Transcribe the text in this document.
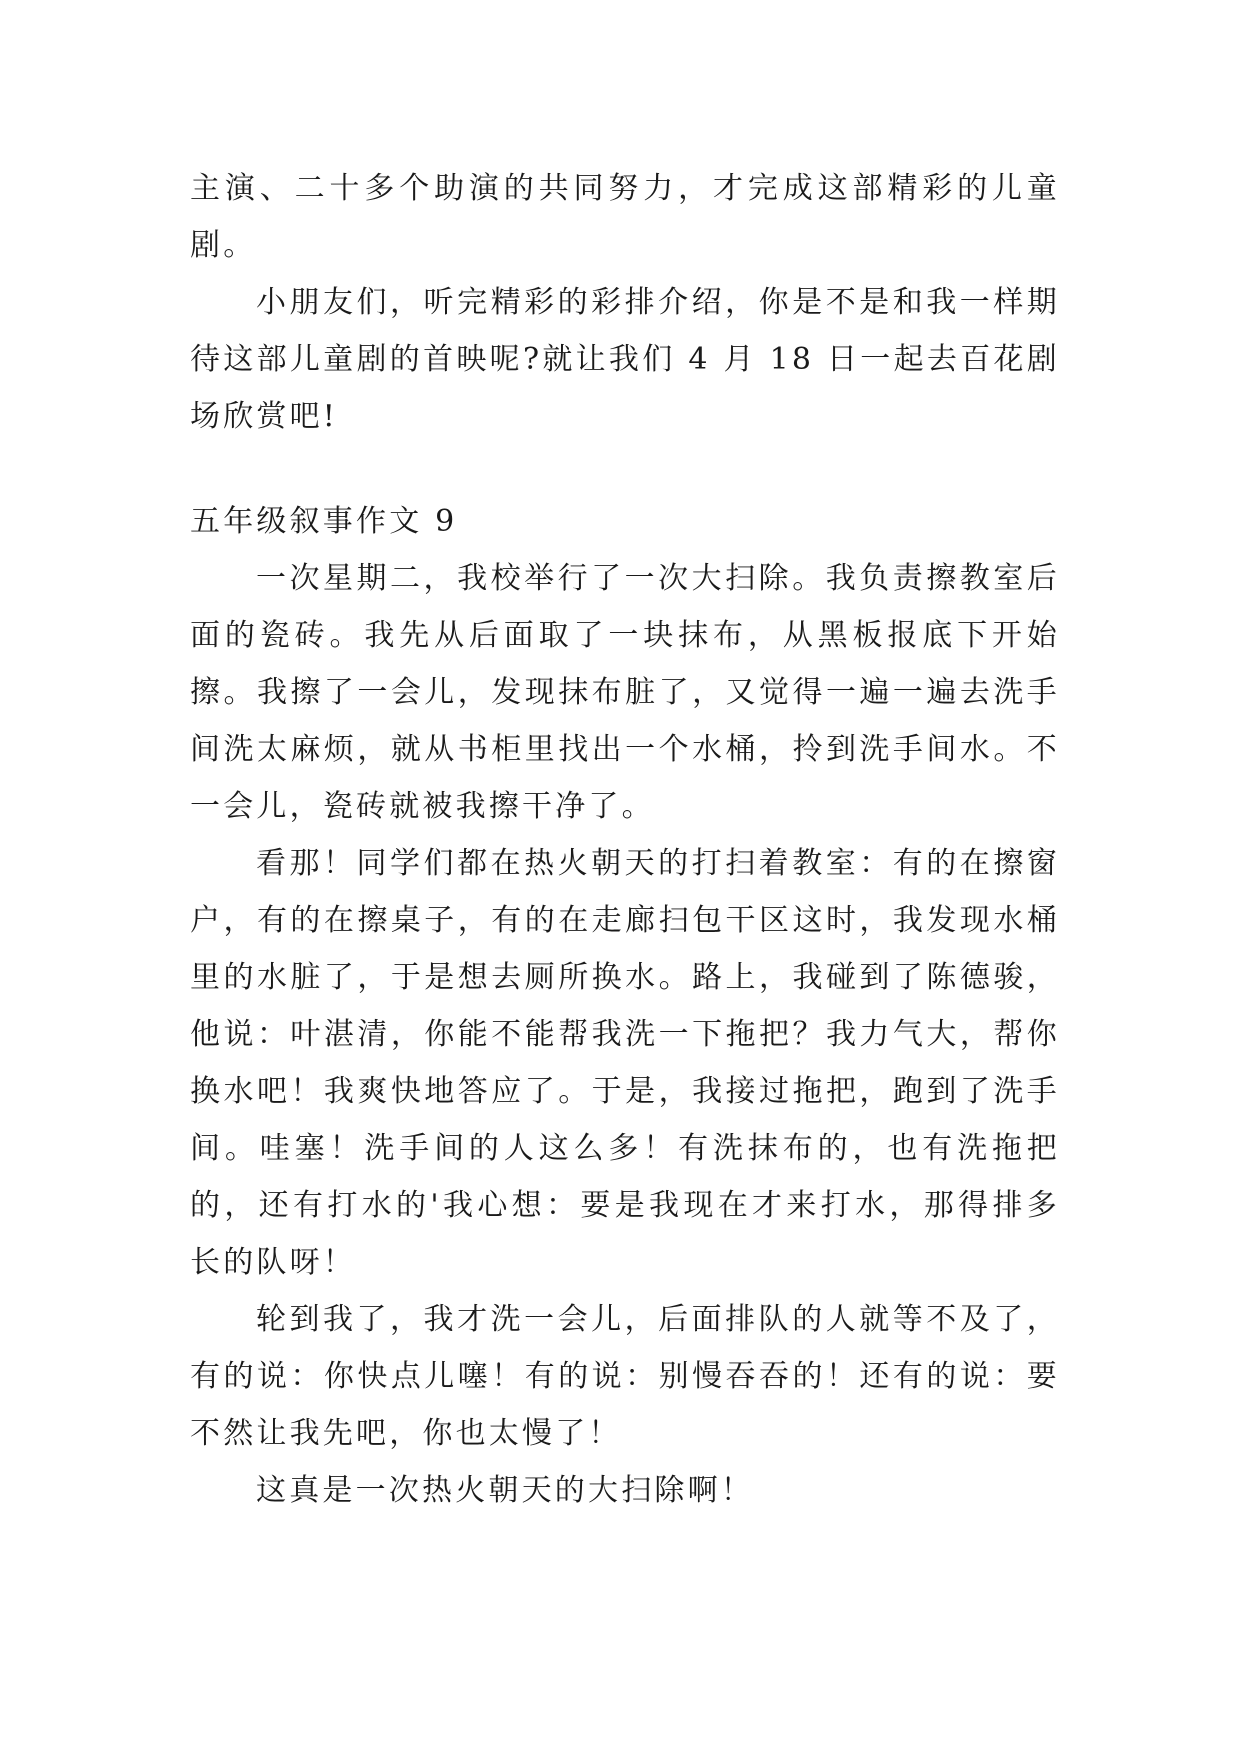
主演、二十多个助演的共同努力，才完成这部精彩的儿童剧。

小朋友们，听完精彩的彩排介绍，你是不是和我一样期待这部儿童剧的首映呢?就让我们 4 月 18 日一起去百花剧场欣赏吧!

五年级叙事作文 9

一次星期二，我校举行了一次大扫除。我负责擦教室后面的瓷砖。我先从后面取了一块抹布，从黑板报底下开始擦。我擦了一会儿，发现抹布脏了，又觉得一遍一遍去洗手间洗太麻烦，就从书柜里找出一个水桶，拎到洗手间水。不一会儿，瓷砖就被我擦干净了。

看那！同学们都在热火朝天的打扫着教室：有的在擦窗户，有的在擦桌子，有的在走廊扫包干区这时，我发现水桶里的水脏了，于是想去厕所换水。路上，我碰到了陈德骏，他说：叶湛清，你能不能帮我洗一下拖把？我力气大，帮你换水吧！我爽快地答应了。于是，我接过拖把，跑到了洗手间。哇塞！洗手间的人这么多！有洗抹布的，也有洗拖把的，还有打水的'我心想：要是我现在才来打水，那得排多长的队呀！

轮到我了，我才洗一会儿，后面排队的人就等不及了，有的说：你快点儿噻！有的说：别慢吞吞的！还有的说：要不然让我先吧，你也太慢了！

这真是一次热火朝天的大扫除啊！
